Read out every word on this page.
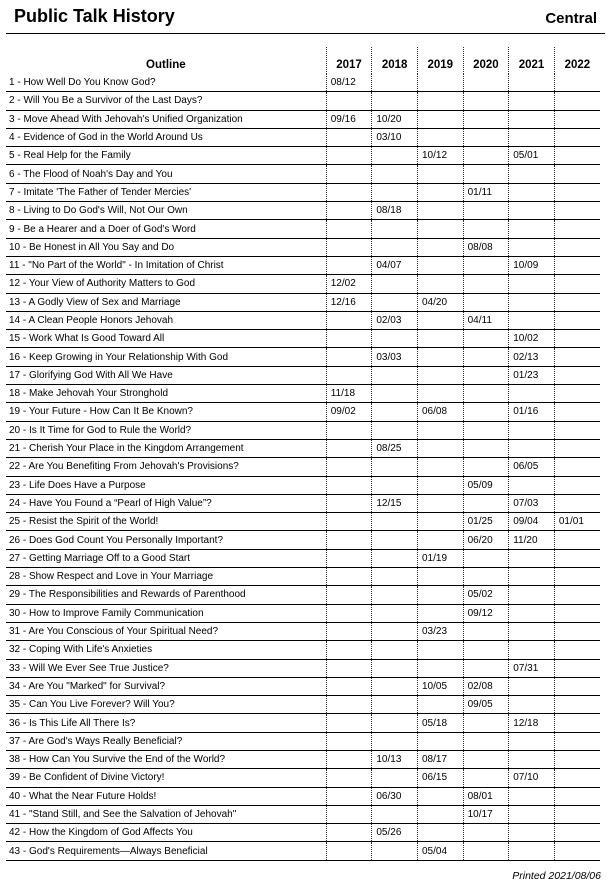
Public Talk History	Central
Outline	2017	2018	2019	2020	2021	2022
1 - How Well Do You Know God?	08/12					
2 - Will You Be a Survivor of the Last Days?						
3 - Move Ahead With Jehovah's Unified Organization	09/16	10/20				
4 - Evidence of God in the World Around Us		03/10				
5 - Real Help for the Family			10/12		05/01	
6 - The Flood of Noah's Day and You						
7 - Imitate 'The Father of Tender Mercies'				01/11		
8 - Living to Do God's Will, Not Our Own		08/18				
9 - Be a Hearer and a Doer of God's Word						
10 - Be Honest in All You Say and Do				08/08		
11 - "No Part of the World" - In Imitation of Christ		04/07			10/09	
12 - Your View of Authority Matters to God	12/02					
13 - A Godly View of Sex and Marriage	12/16		04/20			
14 - A Clean People Honors Jehovah		02/03		04/11		
15 - Work What Is Good Toward All					10/02	
16 - Keep Growing in Your Relationship With God		03/03			02/13	
17 - Glorifying God With All We Have					01/23	
18 - Make Jehovah Your Stronghold	11/18					
19 - Your Future - How Can It Be Known?	09/02		06/08		01/16	
20 - Is It Time for God to Rule the World?						
21 - Cherish Your Place in the Kingdom Arrangement		08/25				
22 - Are You Benefiting From Jehovah's Provisions?					06/05	
23 - Life Does Have a Purpose				05/09		
24 - Have You Found a “Pearl of High Value”?		12/15			07/03	
25 - Resist the Spirit of the World!				01/25	09/04	01/01
26 - Does God Count You Personally Important?				06/20	11/20	
27 - Getting Marriage Off to a Good Start			01/19			
28 - Show Respect and Love in Your Marriage						
29 - The Responsibilities and Rewards of Parenthood				05/02		
30 - How to Improve Family Communication				09/12		
31 - Are You Conscious of Your Spiritual Need?			03/23			
32 - Coping With Life's Anxieties						
33 - Will We Ever See True Justice?					07/31	
34 - Are You "Marked" for Survival?			10/05	02/08		
35 - Can You Live Forever? Will You?				09/05		
36 - Is This Life All There Is?			05/18		12/18	
37 - Are God's Ways Really Beneficial?						
38 - How Can You Survive the End of the World?		10/13	08/17			
39 - Be Confident of Divine Victory!			06/15		07/10	
40 - What the Near Future Holds!		06/30		08/01		
41 - "Stand Still, and See the Salvation of Jehovah"				10/17		
42 - How the Kingdom of God Affects You		05/26				
43 - God's Requirements—Always Beneficial			05/04			
Printed 2021/08/06
